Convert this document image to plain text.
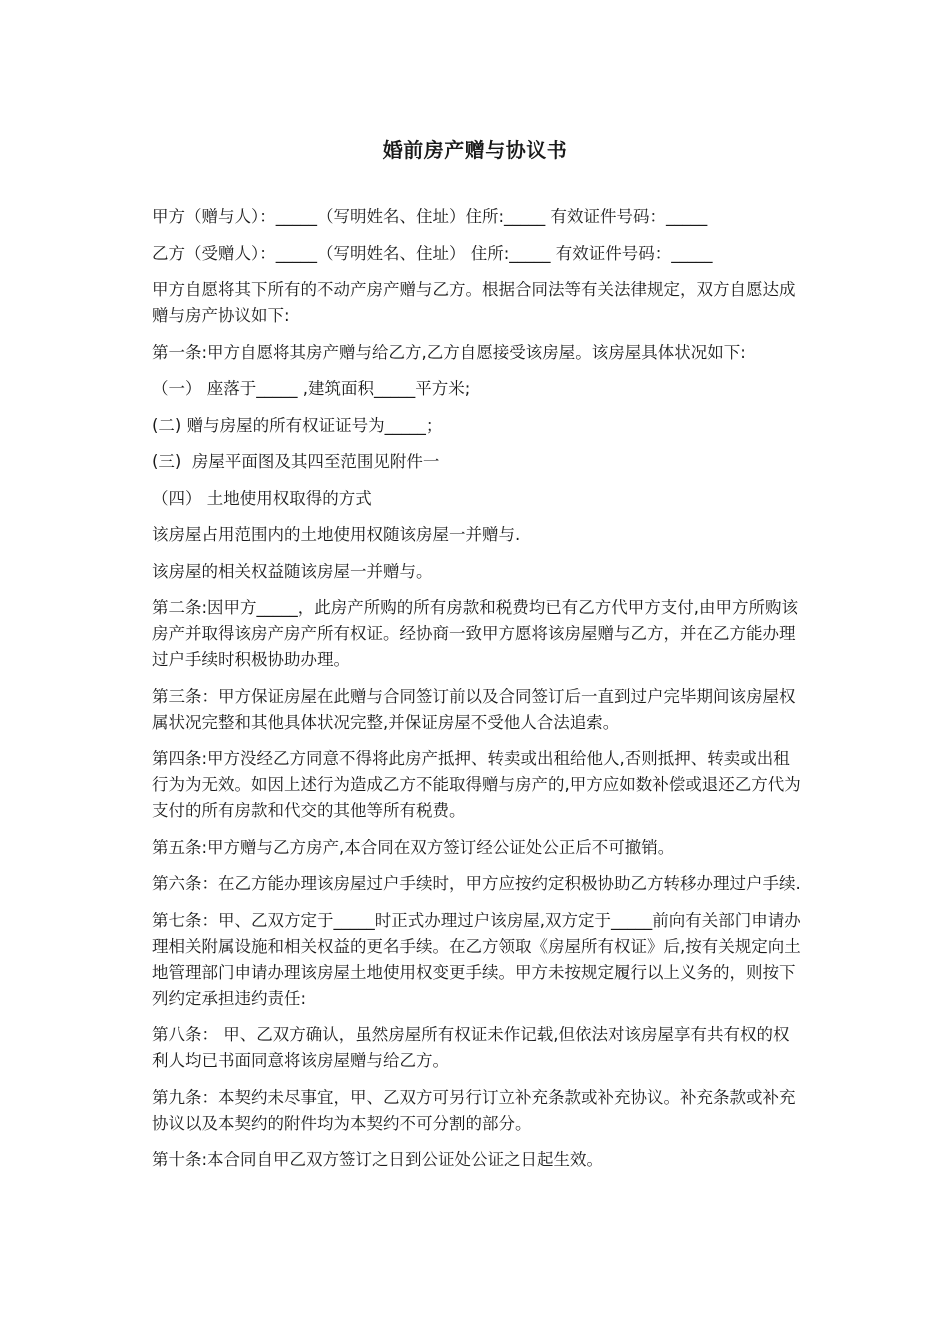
婚前房产赠与协议书

甲方（赠与人）：_____（写明姓名、住址）住所:_____ 有效证件号码：_____

乙方（受赠人）：_____（写明姓名、住址） 住所:_____ 有效证件号码：_____

甲方自愿将其下所有的不动产房产赠与乙方。根据合同法等有关法律规定，双方自愿达成赠与房产协议如下:

第一条:甲方自愿将其房产赠与给乙方,乙方自愿接受该房屋。该房屋具体状况如下:

（一） 座落于_____ ,建筑面积_____平方米;

(二) 赠与房屋的所有权证证号为_____；

(三)  房屋平面图及其四至范围见附件一

（四） 土地使用权取得的方式

该房屋占用范围内的土地使用权随该房屋一并赠与.

该房屋的相关权益随该房屋一并赠与。

第二条:因甲方_____，此房产所购的所有房款和税费均已有乙方代甲方支付,由甲方所购该房产并取得该房产房产所有权证。经协商一致甲方愿将该房屋赠与乙方，并在乙方能办理过户手续时积极协助办理。

第三条：甲方保证房屋在此赠与合同签订前以及合同签订后一直到过户完毕期间该房屋权属状况完整和其他具体状况完整,并保证房屋不受他人合法追索。

第四条:甲方没经乙方同意不得将此房产抵押、转卖或出租给他人,否则抵押、转卖或出租行为为无效。如因上述行为造成乙方不能取得赠与房产的,甲方应如数补偿或退还乙方代为支付的所有房款和代交的其他等所有税费。

第五条:甲方赠与乙方房产,本合同在双方签订经公证处公正后不可撤销。

第六条：在乙方能办理该房屋过户手续时，甲方应按约定积极协助乙方转移办理过户手续.

第七条：甲、乙双方定于_____时正式办理过户该房屋,双方定于_____前向有关部门申请办理相关附属设施和相关权益的更名手续。在乙方领取《房屋所有权证》后,按有关规定向土地管理部门申请办理该房屋土地使用权变更手续。甲方未按规定履行以上义务的，则按下列约定承担违约责任:

第八条： 甲、乙双方确认，虽然房屋所有权证未作记载,但依法对该房屋享有共有权的权利人均已书面同意将该房屋赠与给乙方。

第九条：本契约未尽事宜，甲、乙双方可另行订立补充条款或补充协议。补充条款或补充协议以及本契约的附件均为本契约不可分割的部分。

第十条:本合同自甲乙双方签订之日到公证处公证之日起生效。
